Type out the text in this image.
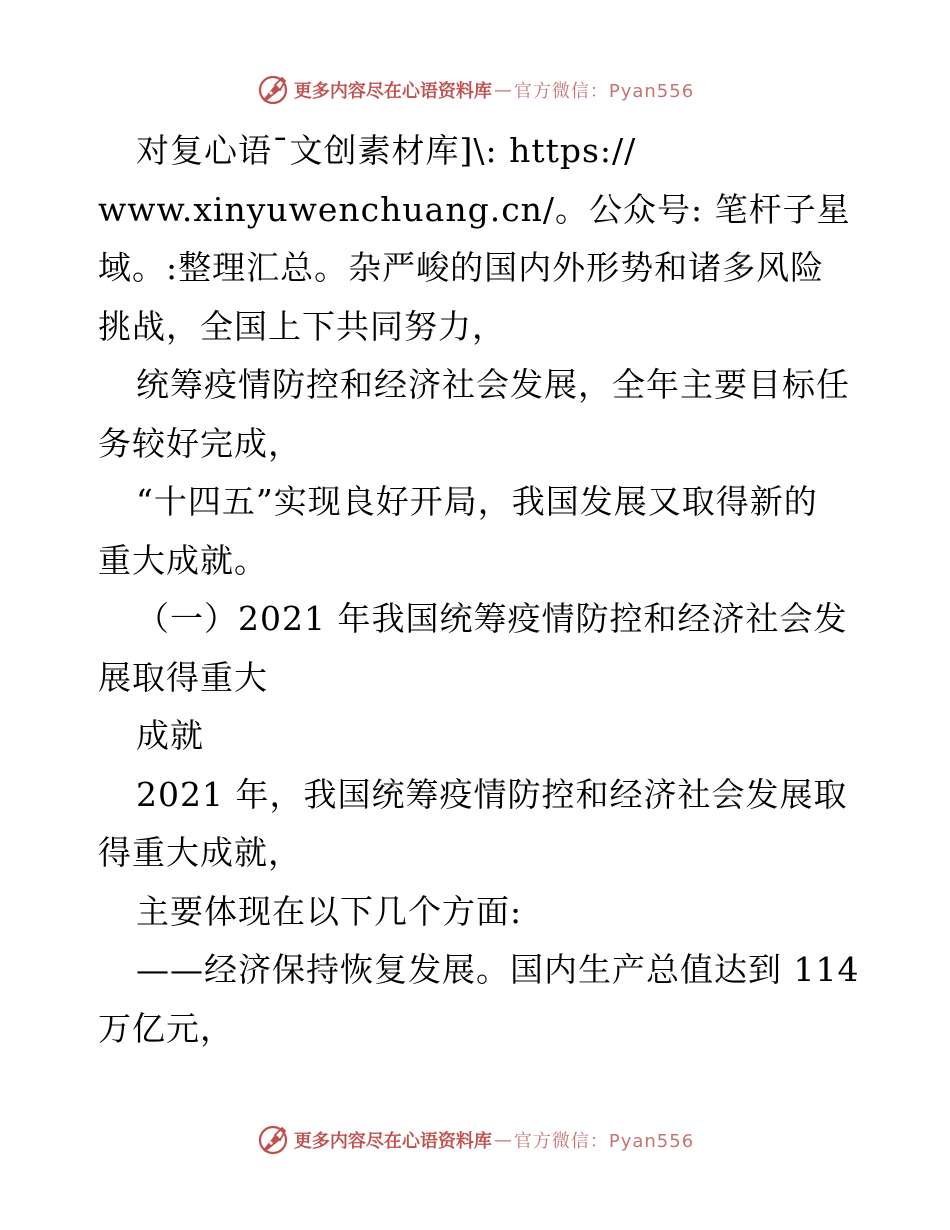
更多内容尽在心语资料库 — 官方微信：Pyan556
对复心语¯文创素材库]\: https://
www.xinyuwenchuang.cn/。公众号: 笔杆子星
域。:整理汇总。杂严峻的国内外形势和诸多风险
挑战，全国上下共同努力，
统筹疫情防控和经济社会发展，全年主要目标任
务较好完成，
“十四五”实现良好开局，我国发展又取得新的
重大成就。
（一）2021 年我国统筹疫情防控和经济社会发
展取得重大
成就
2021 年，我国统筹疫情防控和经济社会发展取
得重大成就，
主要体现在以下几个方面:
——经济保持恢复发展。国内生产总值达到 114
万亿元，
更多内容尽在心语资料库 — 官方微信：Pyan556
